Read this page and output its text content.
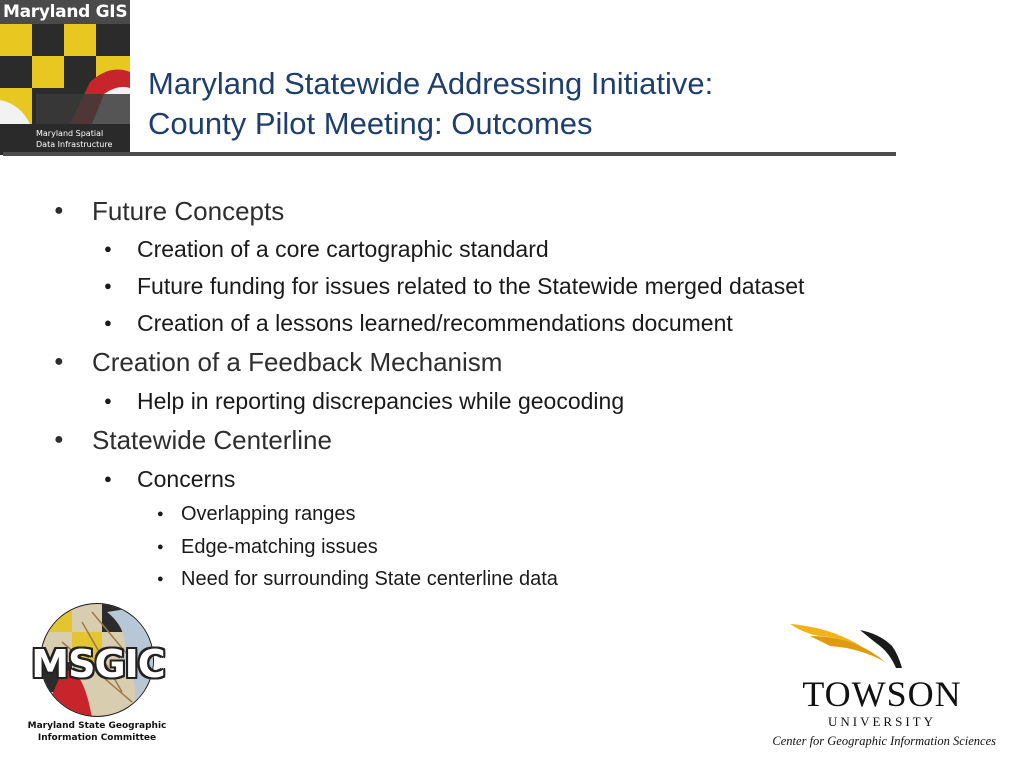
Maryland GIS
Maryland Spatial
Data Infrastructure
Maryland Statewide Addressing Initiative:
County Pilot Meeting: Outcomes
● Future Concepts
● Creation of a core cartographic standard
● Future funding for issues related to the Statewide merged dataset
● Creation of a lessons learned/recommendations document
● Creation of a Feedback Mechanism
● Help in reporting discrepancies while geocoding
● Statewide Centerline
● Concerns
● Overlapping ranges
● Edge-matching issues
● Need for surrounding State centerline data
MSGIC
Maryland State Geographic
Information Committee
TOWSON
UNIVERSITY
Center for Geographic Information Sciences
